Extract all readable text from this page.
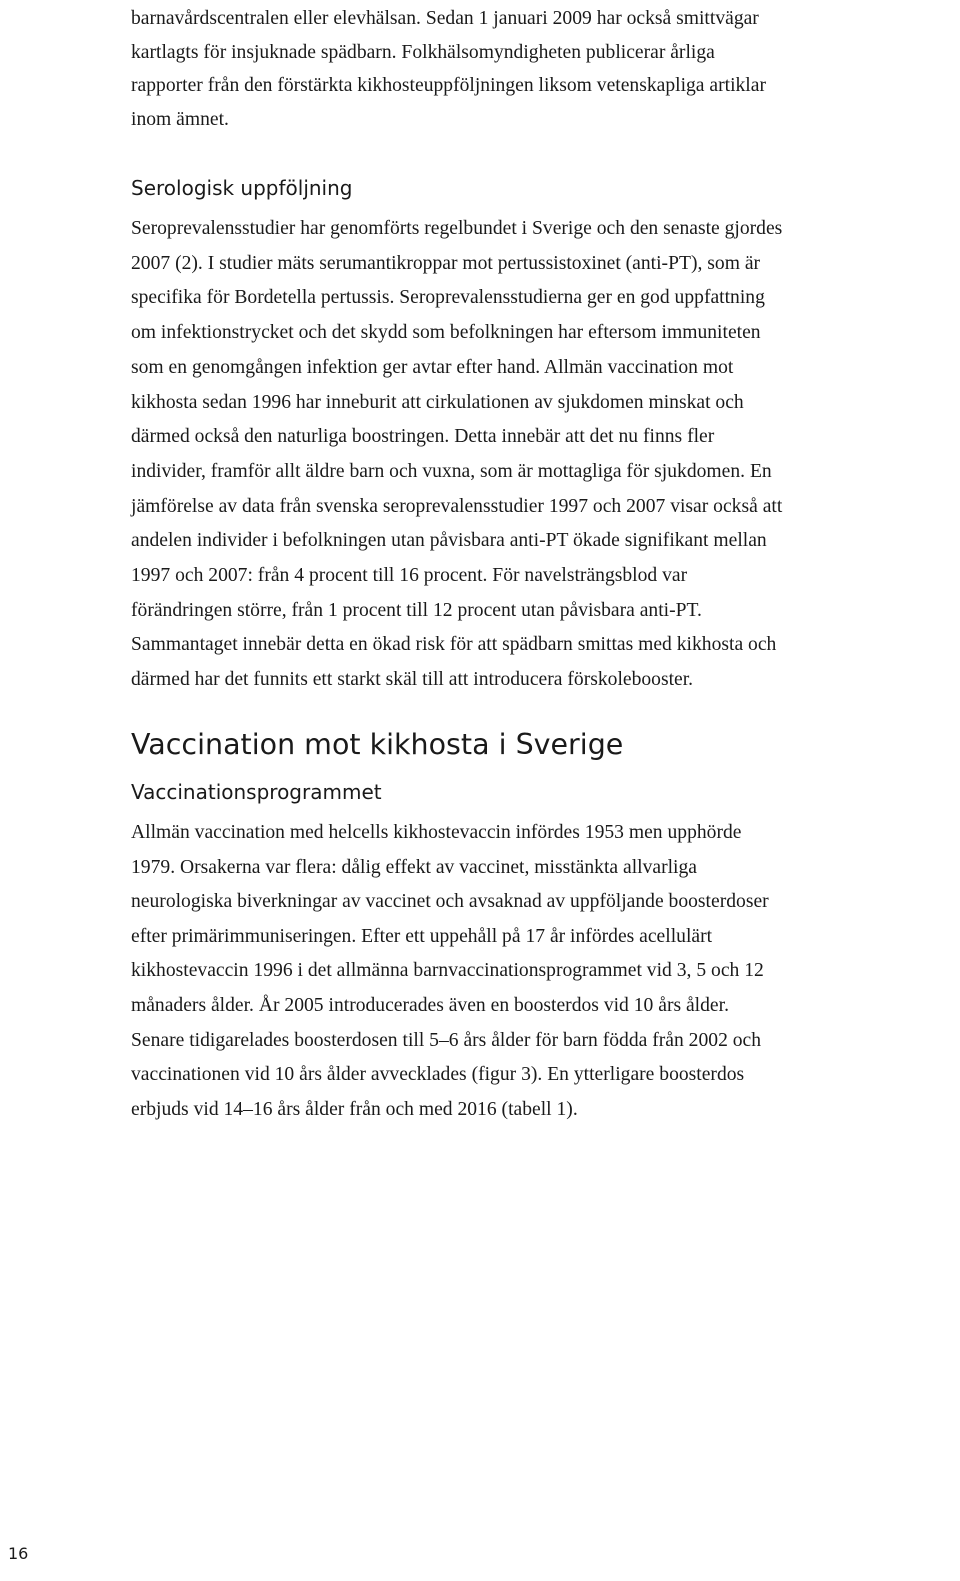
barnavårdscentralen eller elevhälsan. Sedan 1 januari 2009 har också smittvägar
kartlagts för insjuknade spädbarn. Folkhälsomyndigheten publicerar årliga
rapporter från den förstärkta kikhosteuppföljningen liksom vetenskapliga artiklar
inom ämnet.

Serologisk uppföljning

Seroprevalensstudier har genomförts regelbundet i Sverige och den senaste gjordes
2007 (2). I studier mäts serumantikroppar mot pertussistoxinet (anti-PT), som är
specifika för Bordetella pertussis. Seroprevalensstudierna ger en god uppfattning
om infektionstrycket och det skydd som befolkningen har eftersom immuniteten
som en genomgången infektion ger avtar efter hand. Allmän vaccination mot
kikhosta sedan 1996 har inneburit att cirkulationen av sjukdomen minskat och
därmed också den naturliga boostringen. Detta innebär att det nu finns fler
individer, framför allt äldre barn och vuxna, som är mottagliga för sjukdomen. En
jämförelse av data från svenska seroprevalensstudier 1997 och 2007 visar också att
andelen individer i befolkningen utan påvisbara anti-PT ökade signifikant mellan
1997 och 2007: från 4 procent till 16 procent. För navelsträngsblod var
förändringen större, från 1 procent till 12 procent utan påvisbara anti-PT.
Sammantaget innebär detta en ökad risk för att spädbarn smittas med kikhosta och
därmed har det funnits ett starkt skäl till att introducera förskolebooster.

Vaccination mot kikhosta i Sverige
Vaccinationsprogrammet

Allmän vaccination med helcells kikhostevaccin infördes 1953 men upphörde
1979. Orsakerna var flera: dålig effekt av vaccinet, misstänkta allvarliga
neurologiska biverkningar av vaccinet och avsaknad av uppföljande boosterdoser
efter primärimmuniseringen. Efter ett uppehåll på 17 år infördes acellulärt
kikhostevaccin 1996 i det allmänna barnvaccinationsprogrammet vid 3, 5 och 12
månaders ålder. År 2005 introducerades även en boosterdos vid 10 års ålder.
Senare tidigarelades boosterdosen till 5–6 års ålder för barn födda från 2002 och
vaccinationen vid 10 års ålder avvecklades (figur 3). En ytterligare boosterdos
erbjuds vid 14–16 års ålder från och med 2016 (tabell 1).

16
